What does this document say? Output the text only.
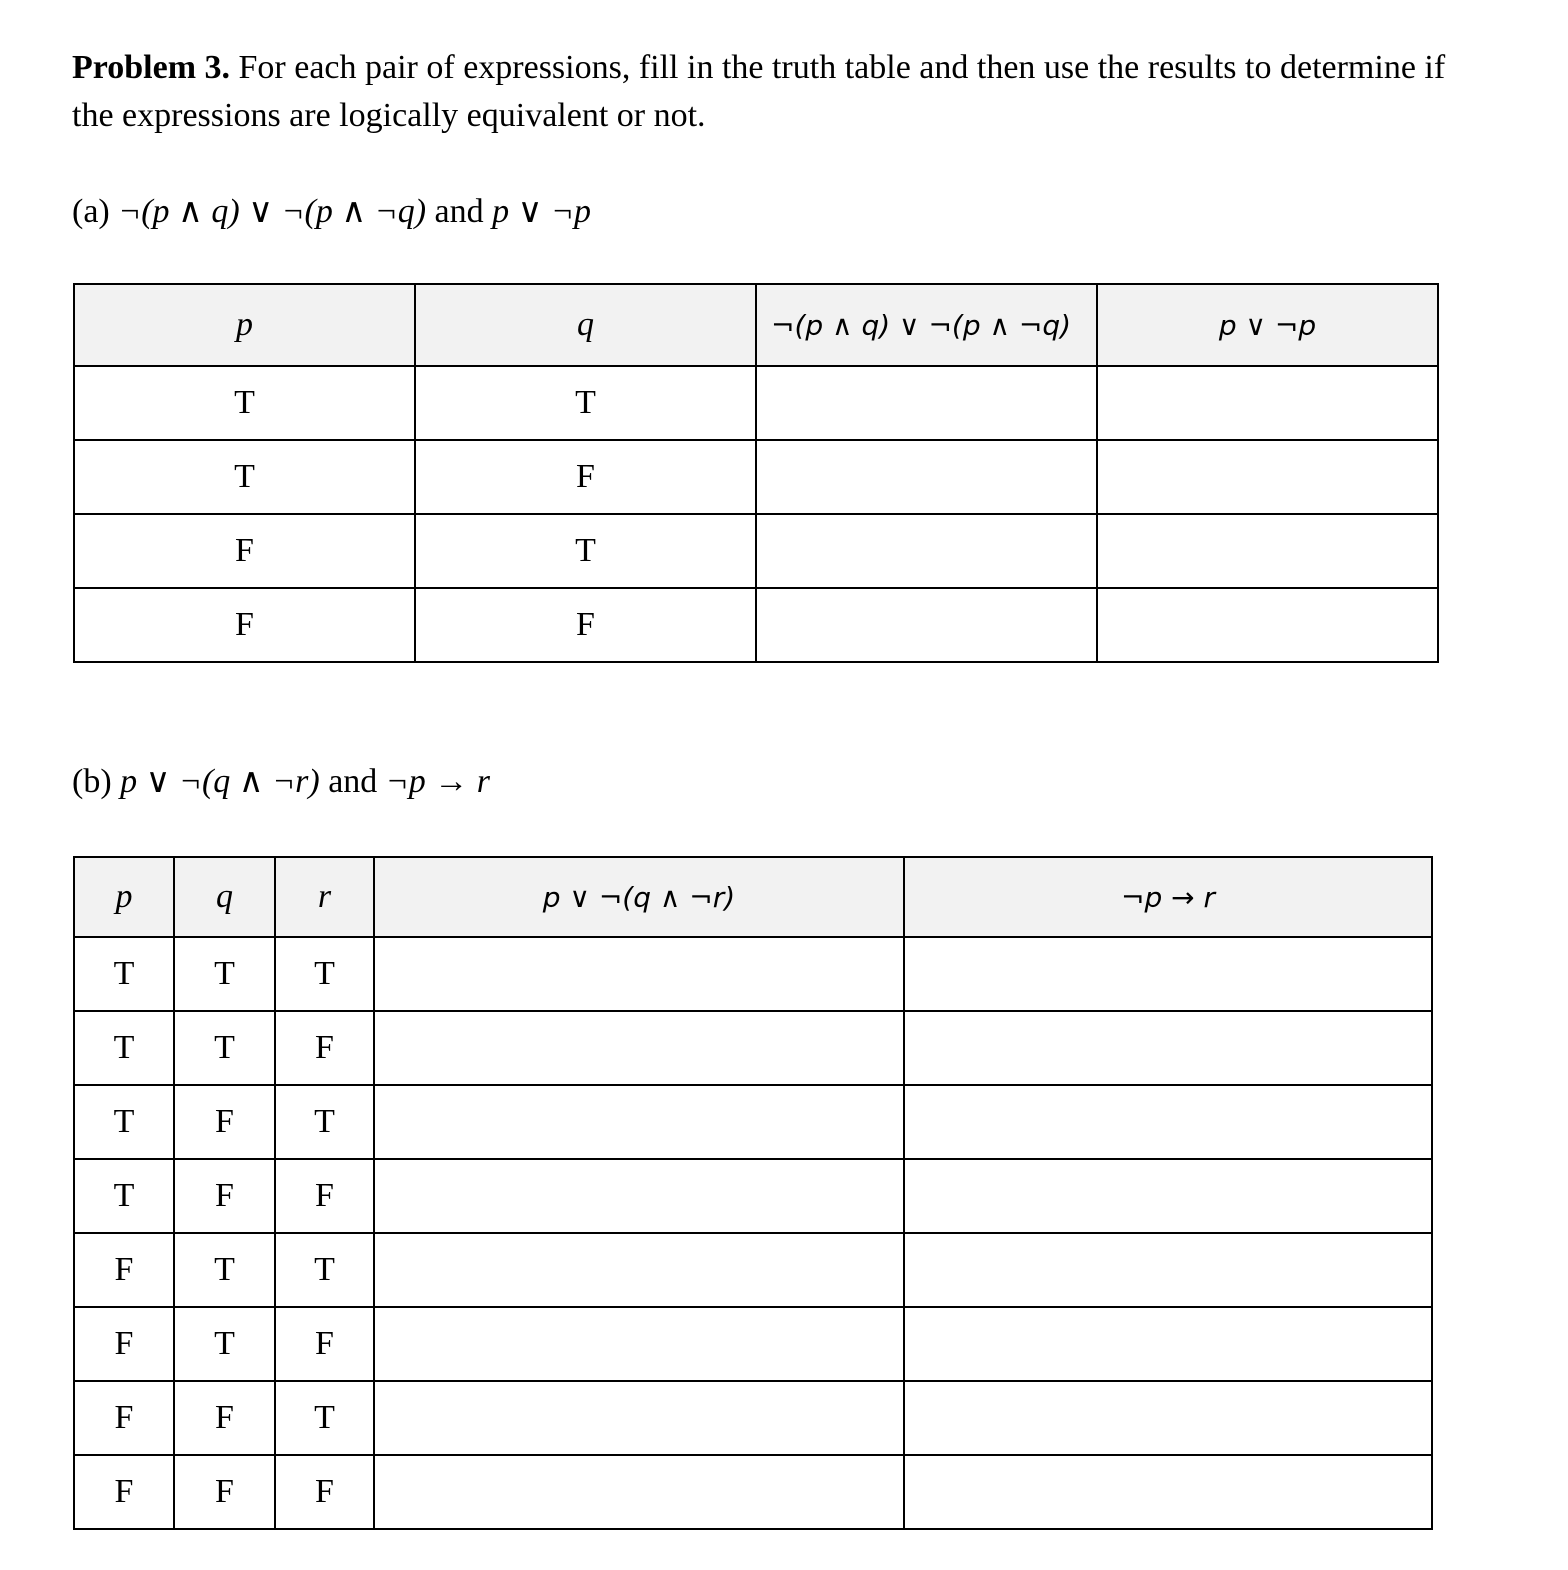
Problem 3. For each pair of expressions, fill in the truth table and then use the results to determine if the expressions are logically equivalent or not.
(a) ¬(p ∧ q) ∨ ¬(p ∧ ¬q) and p ∨ ¬p
p	q	¬(p ∧ q) ∨ ¬(p ∧ ¬q)	p ∨ ¬p
T	T		
T	F		
F	T		
F	F		
(b) p ∨ ¬(q ∧ ¬r) and ¬p → r
p	q	r	p ∨ ¬(q ∧ ¬r)	¬p → r
T	T	T		
T	T	F		
T	F	T		
T	F	F		
F	T	T		
F	T	F		
F	F	T		
F	F	F		
